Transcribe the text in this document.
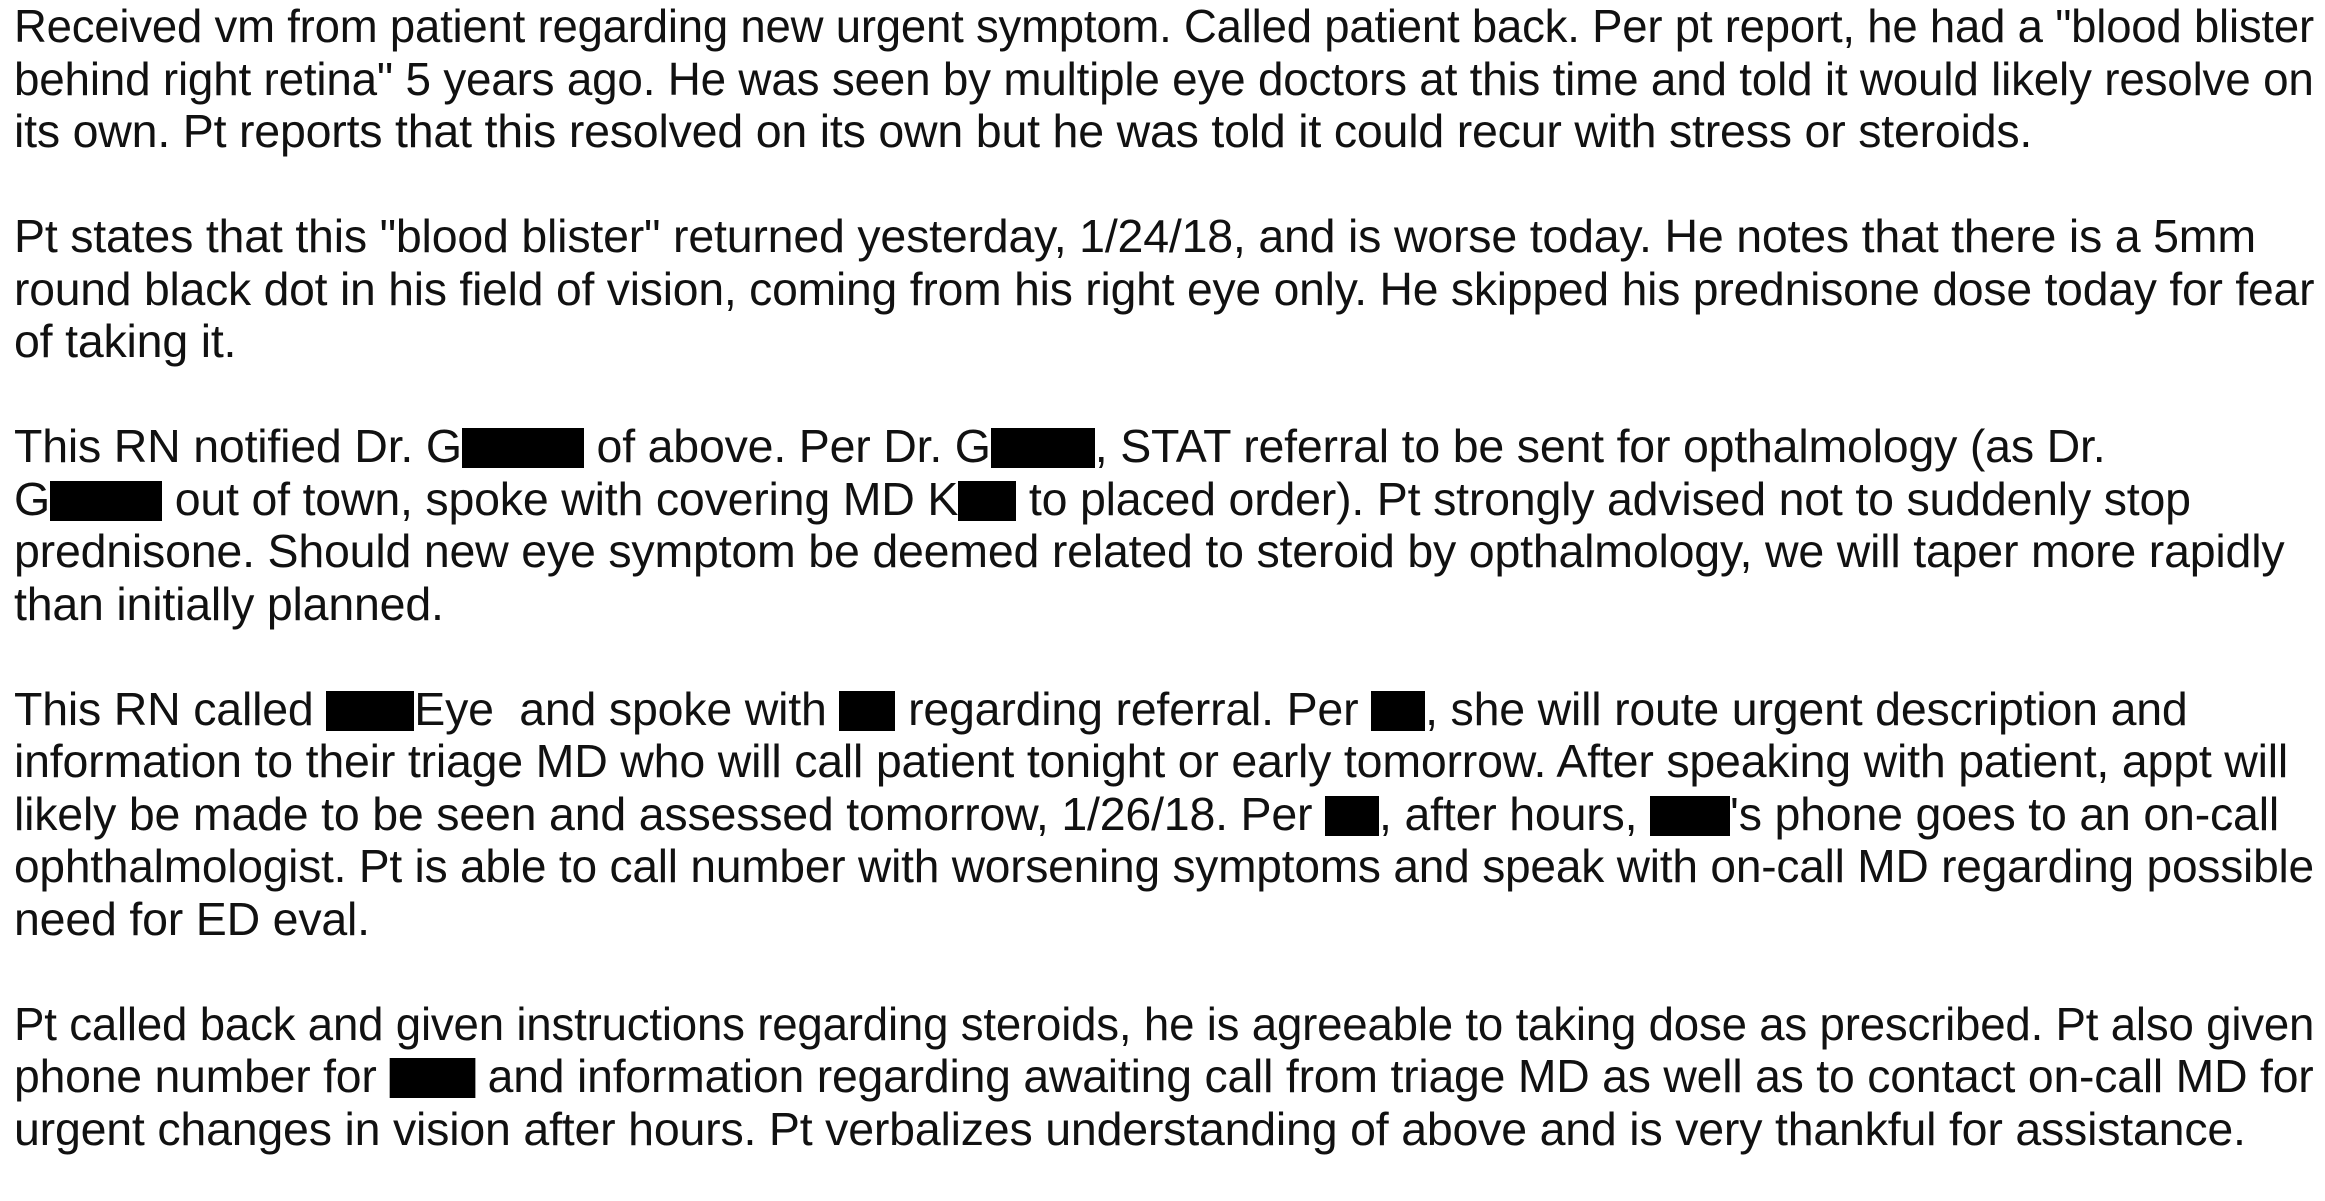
Received vm from patient regarding new urgent symptom. Called patient back. Per pt report, he had a "blood blister
behind right retina" 5 years ago. He was seen by multiple eye doctors at this time and told it would likely resolve on
its own. Pt reports that this resolved on its own but he was told it could recur with stress or steroids.
Pt states that this "blood blister" returned yesterday, 1/24/18, and is worse today. He notes that there is a 5mm
round black dot in his field of vision, coming from his right eye only. He skipped his prednisone dose today for fear
of taking it.
This RN notified Dr. G	of above. Per Dr. G , STAT referral to be sent for opthalmology (as Dr.
G out of town, spoke with covering MD K to placed order). Pt strongly advised not to suddenly stop
prednisone. Should new eye symptom be deemed related to steroid by opthalmology, we will taper more rapidly
than initially planned.
This RN called Eye  and spoke with  regarding referral. Per , she will route urgent description and
information to their triage MD who will call patient tonight or early tomorrow. After speaking with patient, appt will
likely be made to be seen and assessed tomorrow, 1/26/18. Per , after hours, 's phone goes to an on-call
ophthalmologist. Pt is able to call number with worsening symptoms and speak with on-call MD regarding possible
need for ED eval.
Pt called back and given instructions regarding steroids, he is agreeable to taking dose as prescribed. Pt also given
phone number for  and information regarding awaiting call from triage MD as well as to contact on-call MD for
urgent changes in vision after hours. Pt verbalizes understanding of above and is very thankful for assistance.
